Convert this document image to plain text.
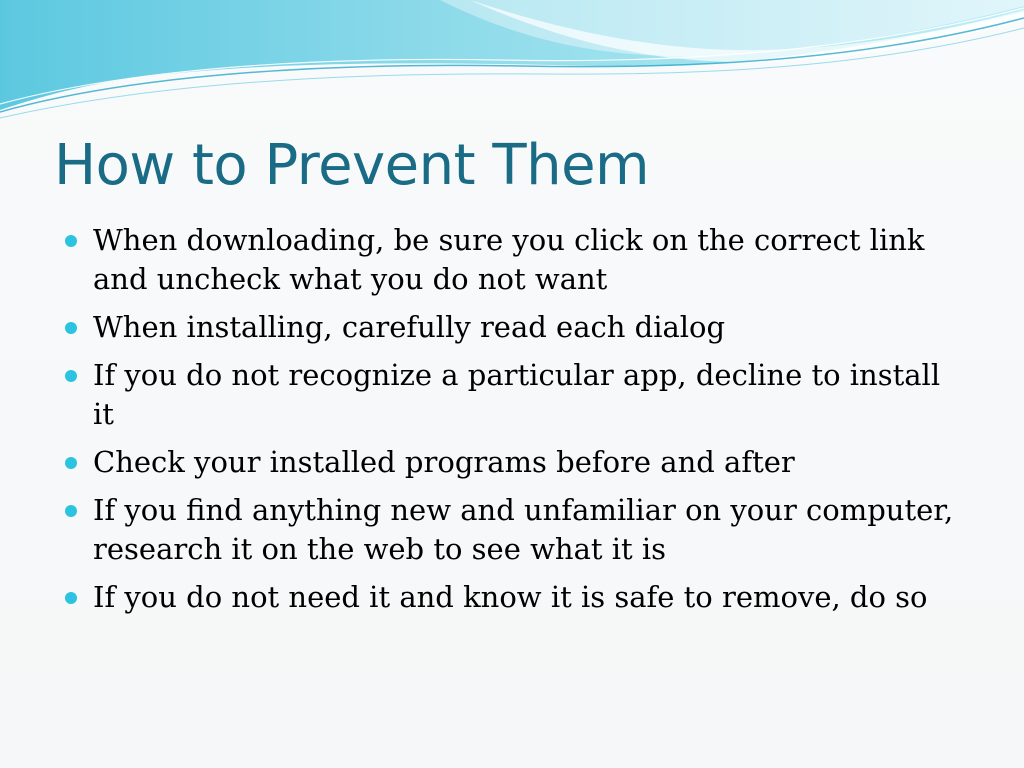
How to Prevent Them
When downloading, be sure you click on the correct link and uncheck what you do not want
When installing, carefully read each dialog
If you do not recognize a particular app, decline to install it
Check your installed programs before and after
If you find anything new and unfamiliar on your computer, research it on the web to see what it is
If you do not need it and know it is safe to remove, do so
